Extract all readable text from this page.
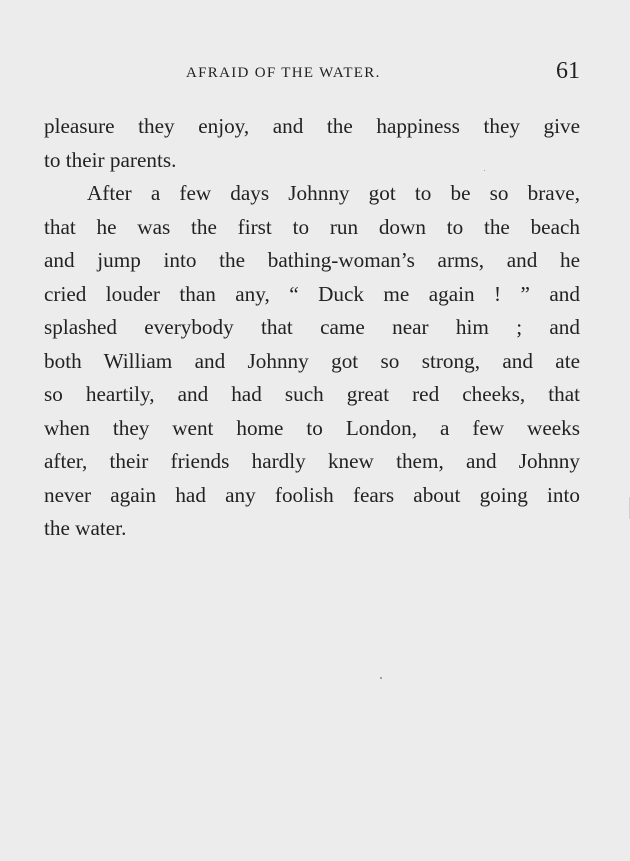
AFRAID OF THE WATER.	61
pleasure they enjoy, and the happiness they give
to their parents.
After a few days Johnny got to be so brave,
that he was the first to run down to the beach
and jump into the bathing-woman’s arms, and he
cried louder than any, “ Duck me again ! ” and
splashed everybody that came near him ; and
both William and Johnny got so strong, and ate
so heartily, and had such great red cheeks, that
when they went home to London, a few weeks
after, their friends hardly knew them, and Johnny
never again had any foolish fears about going into
the water.
